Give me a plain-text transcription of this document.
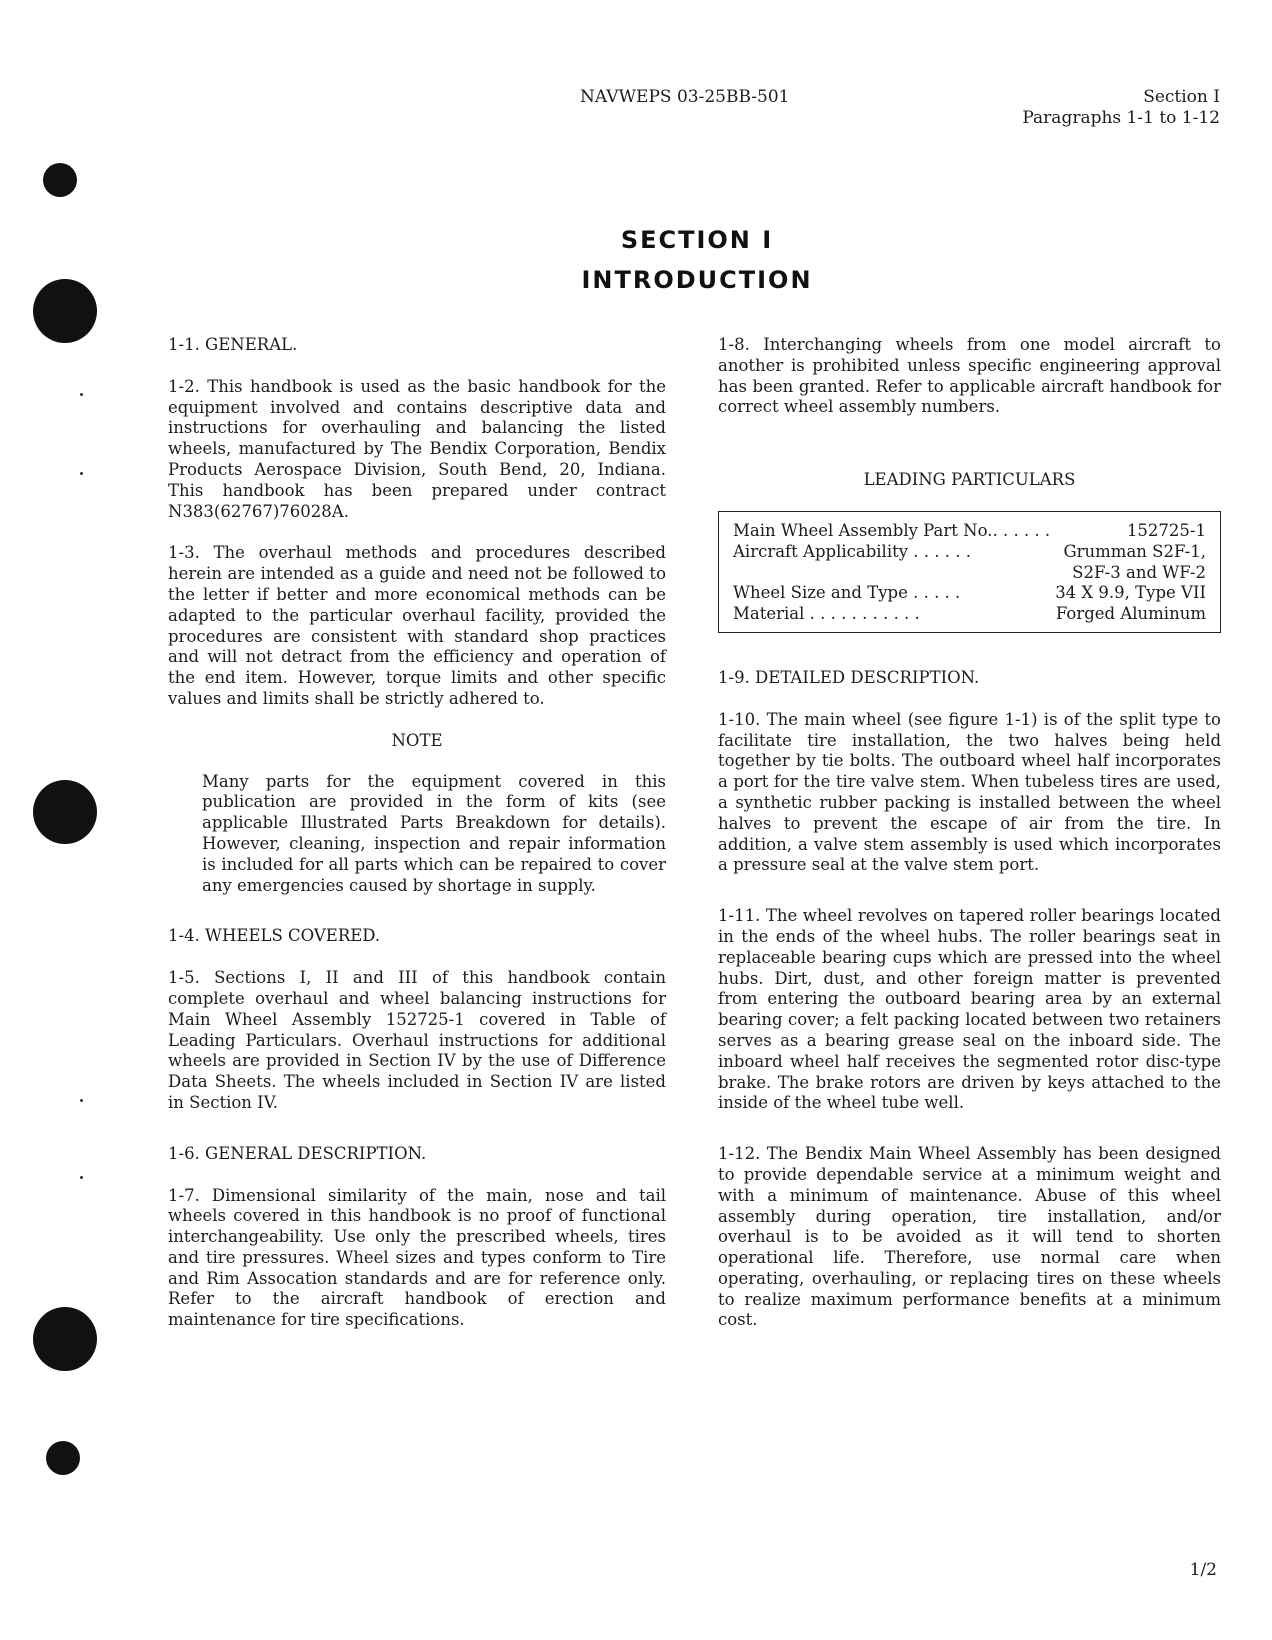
NAVWEPS 03-25BB-501	Section I
Paragraphs 1-1 to 1-12
SECTION I
INTRODUCTION

1-1. GENERAL.

1-2. This handbook is used as the basic handbook for the equipment involved and contains descriptive data and instructions for overhauling and balancing the listed wheels, manufactured by The Bendix Corporation, Bendix Products Aerospace Division, South Bend, 20, Indiana. This handbook has been prepared under contract N383(62767)76028A.

1-3. The overhaul methods and procedures described herein are intended as a guide and need not be followed to the letter if better and more economical methods can be adapted to the particular overhaul facility, provided the procedures are consistent with standard shop practices and will not detract from the efficiency and operation of the end item. However, torque limits and other specific values and limits shall be strictly adhered to.

NOTE

Many parts for the equipment covered in this publication are provided in the form of kits (see applicable Illustrated Parts Breakdown for details). However, cleaning, inspection and repair information is included for all parts which can be repaired to cover any emergencies caused by shortage in supply.

1-4. WHEELS COVERED.

1-5. Sections I, II and III of this handbook contain complete overhaul and wheel balancing instructions for Main Wheel Assembly 152725-1 covered in Table of Leading Particulars. Overhaul instructions for additional wheels are provided in Section IV by the use of Difference Data Sheets. The wheels included in Section IV are listed in Section IV.

1-6. GENERAL DESCRIPTION.

1-7. Dimensional similarity of the main, nose and tail wheels covered in this handbook is no proof of functional interchangeability. Use only the prescribed wheels, tires and tire pressures. Wheel sizes and types conform to Tire and Rim Assocation standards and are for reference only. Refer to the aircraft handbook of erection and maintenance for tire specifications.

1-8. Interchanging wheels from one model aircraft to another is prohibited unless specific engineering approval has been granted. Refer to applicable aircraft handbook for correct wheel assembly numbers.

LEADING PARTICULARS
Main Wheel Assembly Part No.. . . . . .	152725-1
Aircraft Applicability . . . . . .	Grumman S2F-1,
S2F-3 and WF-2
Wheel Size and Type . . . . .	34 X 9.9, Type VII
Material . . . . . . . . . . .	Forged Aluminum

1-9. DETAILED DESCRIPTION.

1-10. The main wheel (see figure 1-1) is of the split type to facilitate tire installation, the two halves being held together by tie bolts. The outboard wheel half incorporates a port for the tire valve stem. When tubeless tires are used, a synthetic rubber packing is installed between the wheel halves to prevent the escape of air from the tire. In addition, a valve stem assembly is used which incorporates a pressure seal at the valve stem port.

1-11. The wheel revolves on tapered roller bearings located in the ends of the wheel hubs. The roller bearings seat in replaceable bearing cups which are pressed into the wheel hubs. Dirt, dust, and other foreign matter is prevented from entering the outboard bearing area by an external bearing cover; a felt packing located between two retainers serves as a bearing grease seal on the inboard side. The inboard wheel half receives the segmented rotor disc-type brake. The brake rotors are driven by keys attached to the inside of the wheel tube well.

1-12. The Bendix Main Wheel Assembly has been designed to provide dependable service at a minimum weight and with a minimum of maintenance. Abuse of this wheel assembly during operation, tire installation, and/or overhaul is to be avoided as it will tend to shorten operational life. Therefore, use normal care when operating, overhauling, or replacing tires on these wheels to realize maximum performance benefits at a minimum cost.

1/2
